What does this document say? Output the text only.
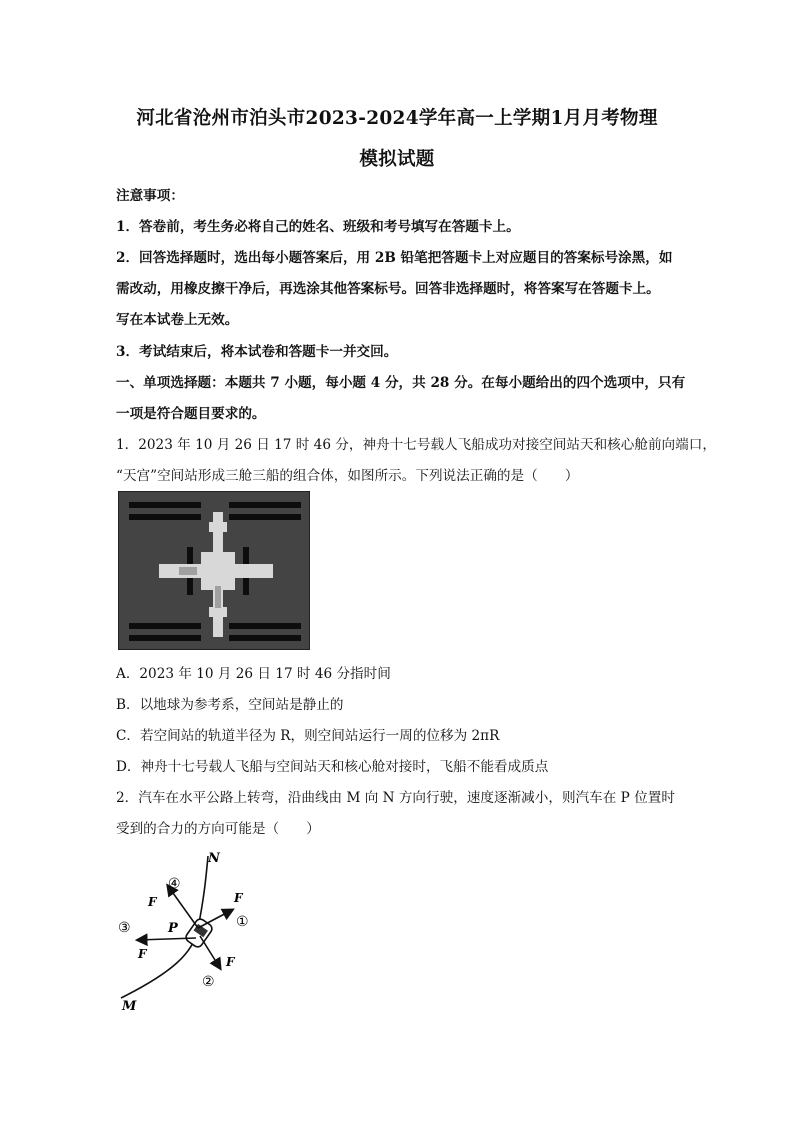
河北省沧州市泊头市2023-2024学年高一上学期1月月考物理
模拟试题
注意事项：
1．答卷前，考生务必将自己的姓名、班级和考号填写在答题卡上。
2．回答选择题时，选出每小题答案后，用 2B 铅笔把答题卡上对应题目的答案标号涂黑，如
需改动，用橡皮擦干净后，再选涂其他答案标号。回答非选择题时，将答案写在答题卡上。
写在本试卷上无效。
3．考试结束后，将本试卷和答题卡一并交回。
一、单项选择题：本题共 7 小题，每小题 4 分，共 28 分。在每小题给出的四个选项中，只有
一项是符合题目要求的。
1．2023 年 10 月 26 日 17 时 46 分，神舟十七号载人飞船成功对接空间站天和核心舱前向端口，
“天宫”空间站形成三舱三船的组合体，如图所示。下列说法正确的是（　　）
A．2023 年 10 月 26 日 17 时 46 分指时间
B．以地球为参考系，空间站是静止的
C．若空间站的轨道半径为 R，则空间站运行一周的位移为 2πR
D．神舟十七号载人飞船与空间站天和核心舱对接时，飞船不能看成质点
2．汽车在水平公路上转弯，沿曲线由 M 向 N 方向行驶，速度逐渐减小，则汽车在 P 位置时
受到的合力的方向可能是（　　）
N
M
P
F	F
F
F
④
①
③
②
